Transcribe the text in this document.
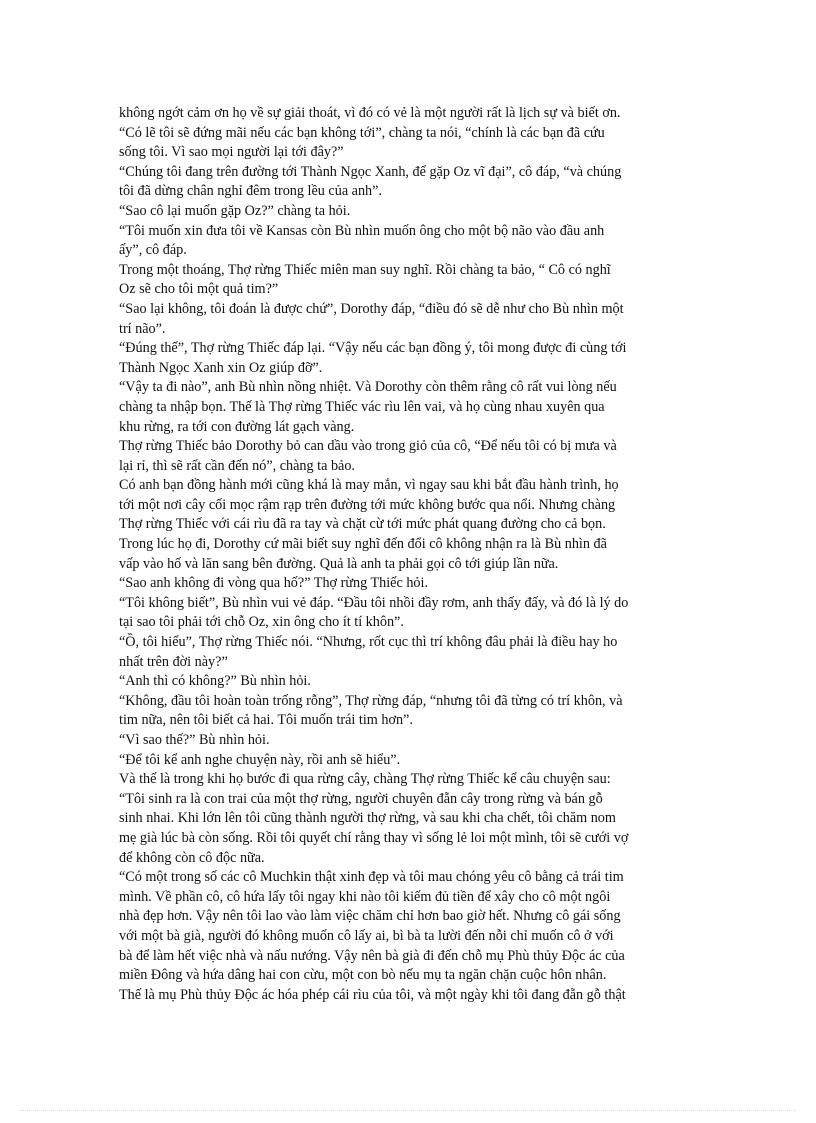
không ngớt cảm ơn họ về sự giải thoát, vì đó có vẻ là một người rất là lịch sự và biết ơn.
“Có lẽ tôi sẽ đứng mãi nếu các bạn không tới”, chàng ta nói, “chính là các bạn đã cứu
sống tôi. Vì sao mọi người lại tới đây?”
“Chúng tôi đang trên đường tới Thành Ngọc Xanh, để gặp Oz vĩ đại”, cô đáp, “và chúng
tôi đã dừng chân nghỉ đêm trong lều của anh”.
“Sao cô lại muốn gặp Oz?” chàng ta hỏi.
“Tôi muốn xin đưa tôi về Kansas còn Bù nhìn muốn ông cho một bộ não vào đầu anh
ấy”, cô đáp.
Trong một thoáng, Thợ rừng Thiếc miên man suy nghĩ. Rồi chàng ta bảo, “ Cô có nghĩ
Oz sẽ cho tôi một quả tim?”
“Sao lại không, tôi đoán là được chứ”, Dorothy đáp, “điều đó sẽ dễ như cho Bù nhìn một
trí não”.
“Đúng thế”, Thợ rừng Thiếc đáp lại. “Vậy nếu các bạn đồng ý, tôi mong được đi cùng tới
Thành Ngọc Xanh xin Oz giúp đỡ”.
“Vậy ta đi nào”, anh Bù nhìn nồng nhiệt. Và Dorothy còn thêm rằng cô rất vui lòng nếu
chàng ta nhập bọn. Thế là Thợ rừng Thiếc vác rìu lên vai, và họ cùng nhau xuyên qua
khu rừng, ra tới con đường lát gạch vàng.
Thợ rừng Thiếc bảo Dorothy bỏ can dầu vào trong giỏ của cô, “Để nếu tôi có bị mưa và
lại rỉ, thì sẽ rất cần đến nó”, chàng ta bảo.
Có anh bạn đồng hành mới cũng khá là may mắn, vì ngay sau khi bắt đầu hành trình, họ
tới một nơi cây cối mọc rậm rạp trên đường tới mức không bước qua nổi. Nhưng chàng
Thợ rừng Thiếc với cái rìu đã ra tay và chặt cừ tới mức phát quang đường cho cả bọn.
Trong lúc họ đi, Dorothy cứ mãi biết suy nghĩ đến đổi cô không nhận ra là Bù nhìn đã
vấp vào hố và lăn sang bên đường. Quả là anh ta phải gọi cô tới giúp lần nữa.
“Sao anh không đi vòng qua hố?” Thợ rừng Thiếc hỏi.
“Tôi không biết”, Bù nhìn vui vẻ đáp. “Đầu tôi nhồi đầy rơm, anh thấy đấy, và đó là lý do
tại sao tôi phải tới chỗ Oz, xin ông cho ít tí khôn”.
“Ồ, tôi hiểu”, Thợ rừng Thiếc nói. “Nhưng, rốt cục thì trí không đâu phải là điều hay ho
nhất trên đời này?”
“Anh thì có không?” Bù nhìn hỏi.
“Không, đầu tôi hoàn toàn trống rỗng”, Thợ rừng đáp, “nhưng tôi đã từng có trí khôn, và
tim nữa, nên tôi biết cả hai. Tôi muốn trái tim hơn”.
“Vì sao thế?” Bù nhìn hỏi.
“Để tôi kể anh nghe chuyện này, rồi anh sẽ hiểu”.
Và thế là trong khi họ bước đi qua rừng cây, chàng Thợ rừng Thiếc kể câu chuyện sau:
“Tôi sinh ra là con trai của một thợ rừng, người chuyên đẵn cây trong rừng và bán gỗ
sinh nhai. Khi lớn lên tôi cũng thành người thợ rừng, và sau khi cha chết, tôi chăm nom
mẹ già lúc bà còn sống. Rồi tôi quyết chí rằng thay vì sống lẻ loi một mình, tôi sẽ cưới vợ
để không còn cô độc nữa.
“Có một trong số các cô Muchkin thật xinh đẹp và tôi mau chóng yêu cô bằng cả trái tim
mình. Về phần cô, cô hứa lấy tôi ngay khi nào tôi kiếm đủ tiền để xây cho cô một ngôi
nhà đẹp hơn. Vậy nên tôi lao vào làm việc chăm chỉ hơn bao giờ hết. Nhưng cô gái sống
với một bà già, người đó không muốn cô lấy ai, bì bà ta lười đến nỗi chỉ muốn cô ở với
bà để làm hết việc nhà và nấu nướng. Vậy nên bà già đi đến chỗ mụ Phù thủy Độc ác của
miền Đông và hứa dâng hai con cừu, một con bò nếu mụ ta ngăn chặn cuộc hôn nhân.
Thế là mụ Phù thủy Độc ác hóa phép cái rìu của tôi, và một ngày khi tôi đang đẵn gỗ thật
